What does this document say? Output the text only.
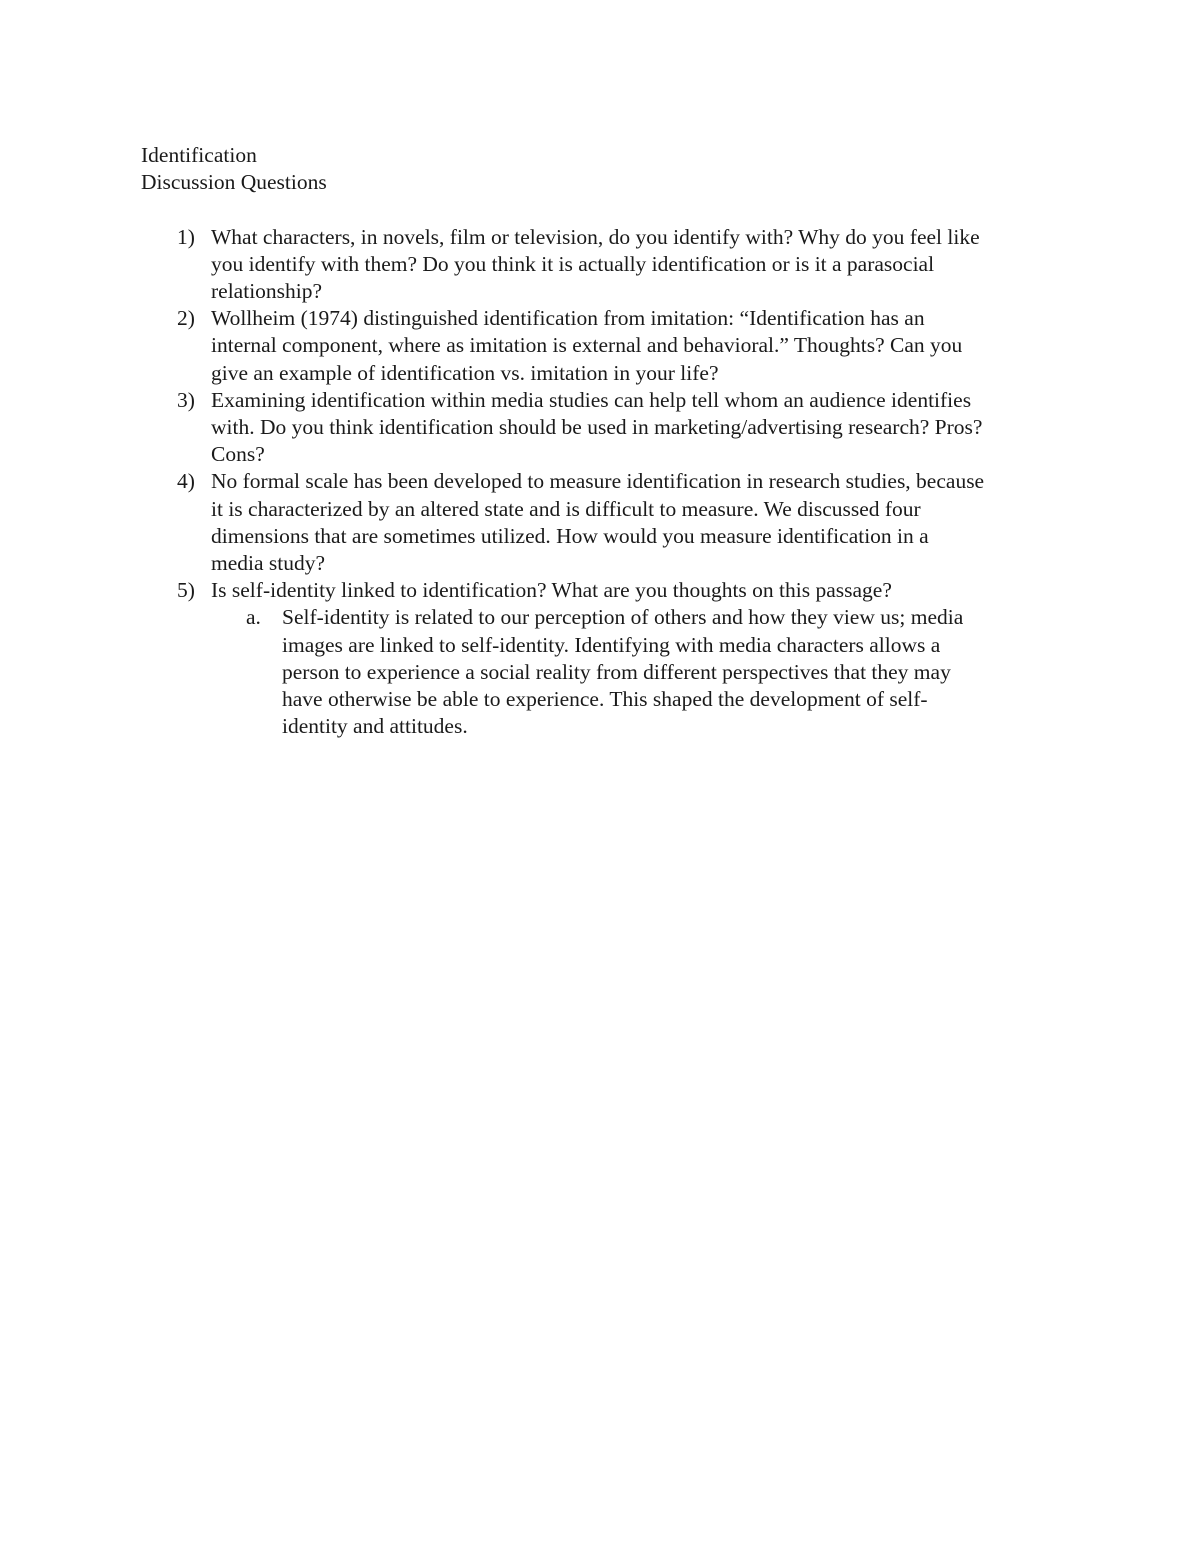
Identification

Discussion Questions

1) What characters, in novels, film or television, do you identify with? Why do you feel like
you identify with them? Do you think it is actually identification or is it a parasocial
relationship?
2) Wollheim (1974) distinguished identification from imitation: “Identification has an
internal component, where as imitation is external and behavioral.” Thoughts? Can you
give an example of identification vs. imitation in your life?
3) Examining identification within media studies can help tell whom an audience identifies
with. Do you think identification should be used in marketing/advertising research? Pros?
Cons?
4) No formal scale has been developed to measure identification in research studies, because
it is characterized by an altered state and is difficult to measure. We discussed four
dimensions that are sometimes utilized. How would you measure identification in a
media study?
5) Is self-identity linked to identification? What are you thoughts on this passage?
a. Self-identity is related to our perception of others and how they view us; media
images are linked to self-identity. Identifying with media characters allows a
person to experience a social reality from different perspectives that they may
have otherwise be able to experience. This shaped the development of self-
identity and attitudes.
